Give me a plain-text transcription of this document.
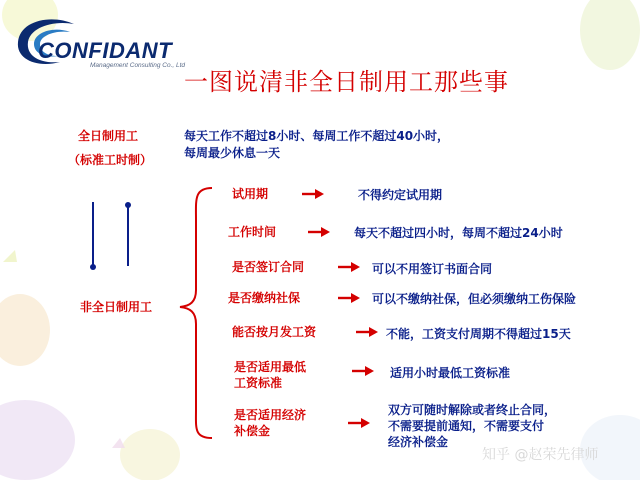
CONFIDANT
Management Consulting Co., Ltd
一图说清非全日制用工那些事
全日制用工
（标准工时制）
每天工作不超过8小时、每周工作不超过40小时，
每周最少休息一天
非全日制用工
试用期
工作时间
是否签订合同
是否缴纳社保
能否按月发工资
是否适用最低
工资标准
是否适用经济
补偿金
不得约定试用期
每天不超过四小时，每周不超过24小时
可以不用签订书面合同
可以不缴纳社保，但必须缴纳工伤保险
不能，工资支付周期不得超过15天
适用小时最低工资标准
双方可随时解除或者终止合同，
不需要提前通知，不需要支付
经济补偿金
知乎 @赵荣先律师
